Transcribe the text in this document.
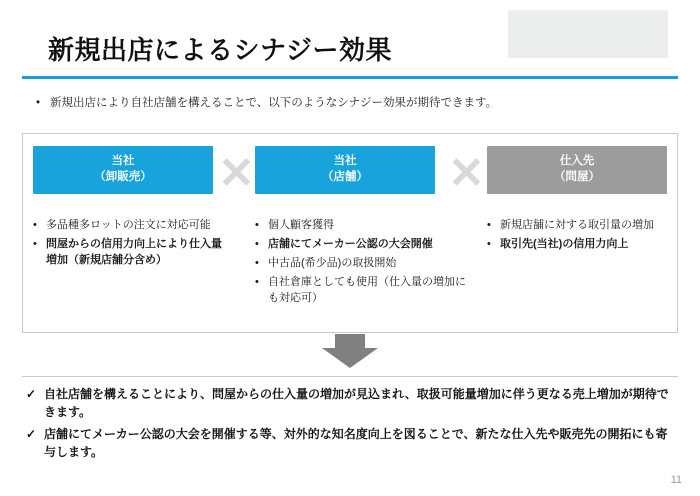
新規出店によるシナジー効果
• 新規出店により自社店舗を構えることで、以下のようなシナジー効果が期待できます。
当社
（卸販売） ✕	当社
（店舗） ✕	仕入先
（問屋）
• 多品種多ロットの注文に対応可能
• 問屋からの信用力向上により仕入量増加（新規店舗分含め）
• 個人顧客獲得
• 店舗にてメーカー公認の大会開催
• 中古品(希少品)の取扱開始
• 自社倉庫としても使用（仕入量の増加にも対応可）
• 新規店舗に対する取引量の増加
• 取引先(当社)の信用力向上
✓ 自社店舗を構えることにより、問屋からの仕入量の増加が見込まれ、取扱可能量増加に伴う更なる売上増加が期待できます。
✓ 店舗にてメーカー公認の大会を開催する等、対外的な知名度向上を図ることで、新たな仕入先や販売先の開拓にも寄与します。
11
